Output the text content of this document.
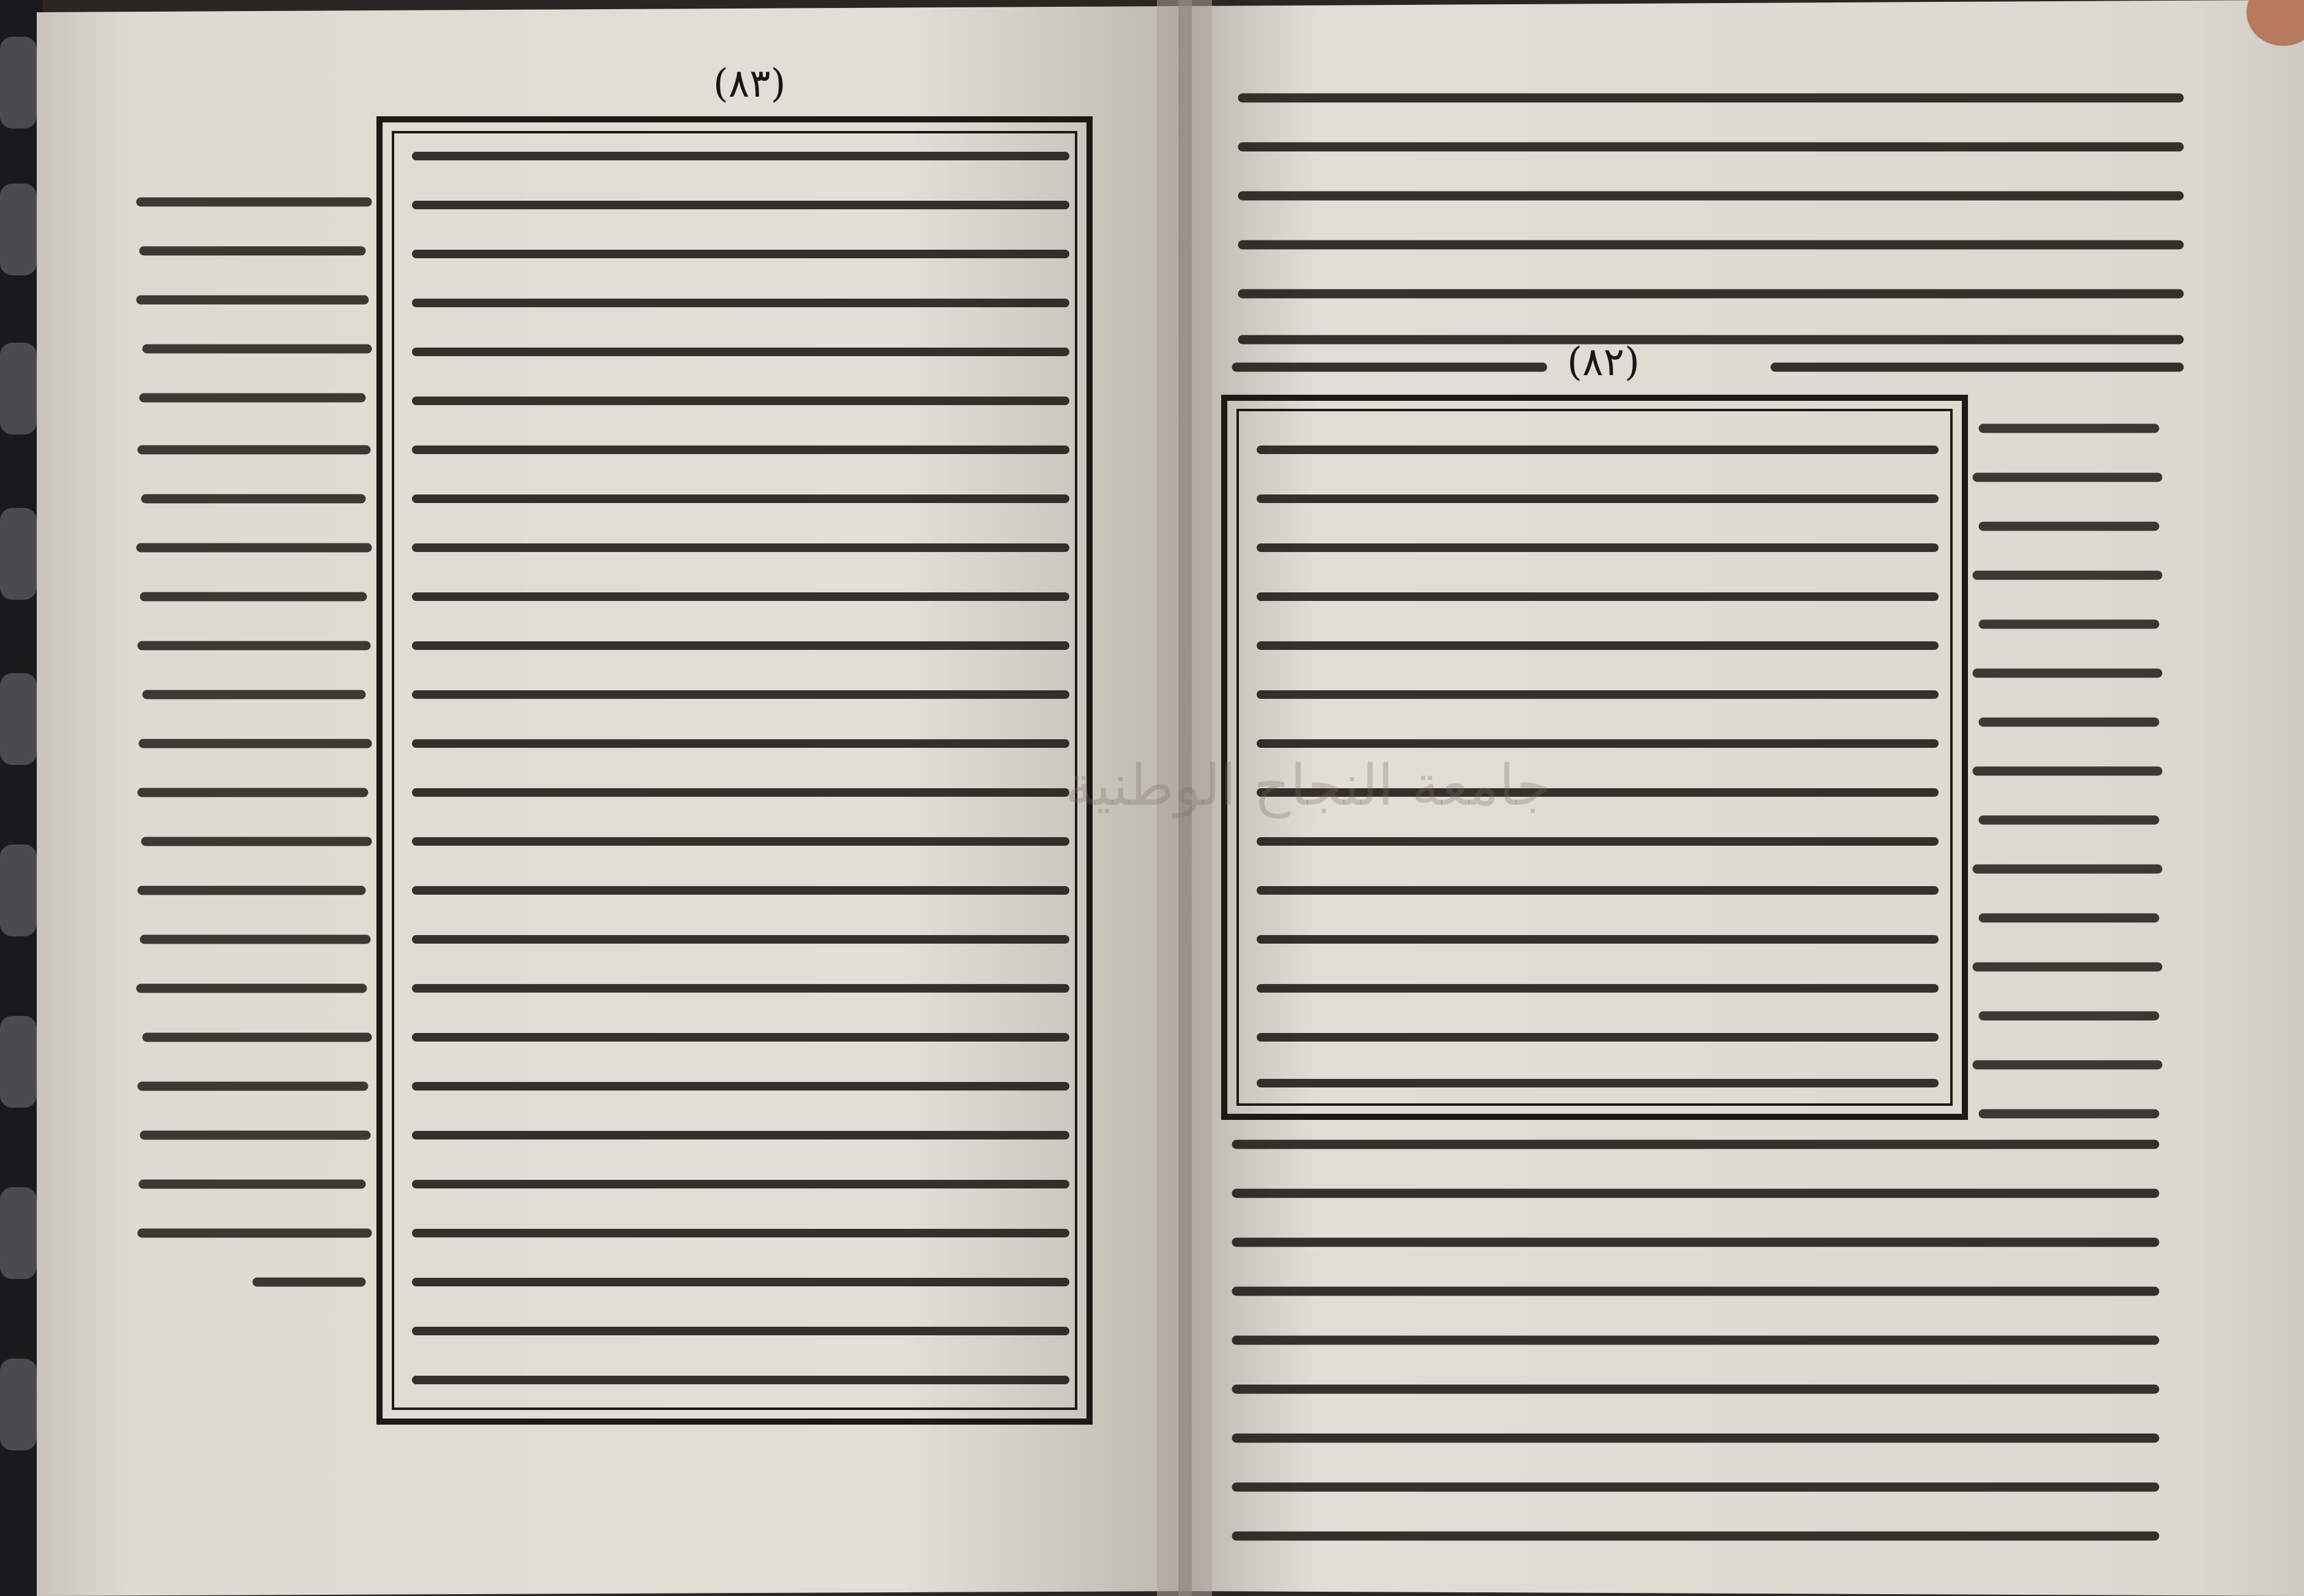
(٨٣)
(٨٢)
جامعة النجاح الوطنية
